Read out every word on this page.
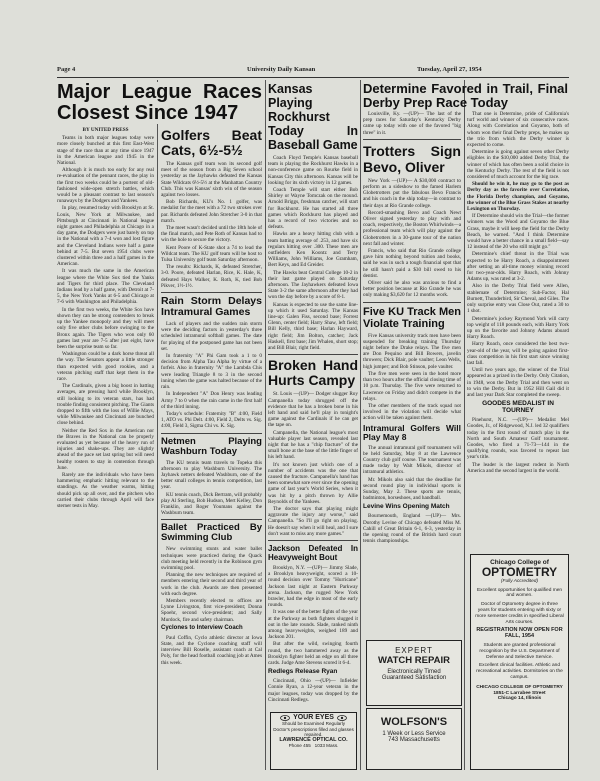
Page 4	University Daily Kansan	Tuesday, April 27, 1954
Major League Races Closest Since 1947
BY UNITED PRESS

Teams in both major leagues today were more closely bunched at this first East-West stage of the race than at any time since 1947 in the American league and 1945 in the National.

Although it is much too early for any real re-evaluation of the pennant races, the play in the first two weeks could be a portent of old-fashioned wide-open stretch battles, which would be a pleasant contrast to last season's runaways by the Dodgers and Yankees.

In play, resumed today with Brooklyn at St. Louis, New York at Milwaukee, and Pittsburgh at Cincinnati in National league night games and Philadelphia at Chicago in a day game, the Dodgers were just barely on top in the National with a 7-4 won and lost figure and the Cleveland Indians were half a game behind at 7-5. But seven 1954 clubs were clustered within three and a half games in the American.

It was much the same in the American league where the White Sox tied the Yanks and Tigers for third place. The Cleveland Indians lead by a half game, with Detroit at 7-5, the New York Yanks at 6-5 and Chicago at 7-6 with Washington and Philadelphia.

In the first two weeks, the White Sox have shown they can be strong contenders to break up the Yankee monopoly and they will meet only five other clubs before swinging to the Bronx again. The Tigers who won only 60 games last year are 7-5 after just eight, have been the surprise team so far.

Washington could be a dark horse threat all the way. The Senators appear a little stronger than expected with good rookies, and a veteran pitching staff that kept them in the race.

The Cardinals, given a big boost in batting averages, are pressing hard while Brooklyn, still looking to its veteran stars, has had trouble finding consistent pitching. The Giants dropped to fifth with the loss of Willie Mays, while Milwaukee and Cincinnati are bunched close behind.

Neither the Red Sox in the American nor the Braves in the National can be properly evaluated as yet because of the heavy run of injuries and shake-ups. They are slightly ahead of the pace set last spring but will need healthy rosters to stay in contention through June.

Rarely are the individuals who have been hammering emphatic hitting relevant to the standings. As the weather warms, hitting should pick up all over, and the pitchers who carried their clubs through April will face sterner tests in May.

Golfers Beat Cats, 6½-5½

The Kansas golf team won its second golf meet of the season from a Big Seven school yesterday as the Jayhawks defeated the Kansas State Wildcats 6½-5½ at the Manhattan Country Club. This was Kansas' sixth win of the season against two losses.

Bob Richards, KU's No. 1 golfer, was medalist for the meet with a 72 two strokes over par. Richards defeated John Stretcher 3-0 in that match.

The meet wasn't decided until the 18th hole of the final match, and Pete Roth of Kansas had to win the hole to secure the victory.

Kent Poore of K-State shot a 74 to lead the Wildcat team. The KU golf team will be host to Tulsa University golf team Saturday afternoon.

The results: Richards, K, defeated Stretcher, 3-0. Poore, defeated Harlan, Rice, K. Hale, K, defeated Hays Walker, K. Roth, K, tied Bob Pikver, 1½-1½.

Rain Storm Delays Intramural Games

Lack of players and the sudden rain storm were the deciding factors in yesterday's three scheduled intramural softball games. The date for playing of the postponed game has not been set.

In fraternity "A" Phi Gam took a 1 to 0 decision from Alpha Tau Alpha by virtue of a forfeit. Also in fraternity "A" the Lambda Chis were leading Triangle 8 to 3 in the second inning when the game was halted because of the rain.

In Independent "A" Don Henry was leading Army 7 to 0 when the rain came in the first half of the third inning.

Today's schedule: Fraternity "B" 4:00, Field 1, ATO vs. Phi Delt. 4:00, Field 2, Delts vs. Sig. 4:00, Field 3, Sigma Chi vs. K. Sig.

Netmen Playing Washburn Today

The KU tennis team travels to Topeka this afternoon to play Washburn University. The Jayhawk netters defeated Washburn, one of the better small colleges in tennis competition, last year.

KU tennis coach, Dick Bertram, will probably play Al Sterling, Bob Hudson, Mert Kelley, Don Franklin, and Roger Youmans against the Washburn team.

Ballet Practiced By Swimming Club

New swimming stunts and water ballet techniques were practiced during the Quack club meeting held recently in the Robinson gym swimming pool.

Planning the new techniques are required of members entering their second and third year of work in the club. Awards are then presented with each degree.

Members recently elected to offices are Lynne Livingston, first vice-president; Donna Spoehr, second vice-president; and Sally Murdock, fire and safety chairman.

Cyclones to Interview Coach

Paul Coffin, Cyclo athletic director at Iowa State, and the Cyclone coaching staff will interview Bill Roselle, assistant coach at Cal Poly, for the head football coaching job at Ames this week.

Kansas Playing Rockhurst Today In Baseball Game

Coach Floyd Temple's Kansas baseball team is playing the Rockhurst Hawks in a non-conference game on Rourke field in Kansas City this afternoon. Kansas will be looking for its sixth victory in 12 games.

Coach Temple will start either Bob Shirley or Wayne Tomczak on the mound. Arnold Briggs, freshman catcher, will start for Rockhurst. He has started all three games which Rockhurst has played and has a record of two victories and no defeats.

Hawks are a heavy hitting club with a team batting average of .253, and have six regulars hitting over .300. These men are outfielders Ken Koontz and Terry Williams, John Williams, Joe Gramham, Bert Keys, and Ed Greider.

The Hawks beat Central College 10-2 in their last game played on Saturday afternoon. The Jayhawkers defeated Iowa State 3-2 the same afternoon after they had won the day before by a score of 8-1.

Kansas is expected to use the same line-up which it used Saturday. The Kansas line-up: Galen Fiss, second base; Forrest Glenn, center field; Harry Shaw, left field; Bill Kelly, third base; Harlan Hayward, right field; Jim Bolton, catcher; Jack Haskell, first base; Jim Whalen, short stop; and Bill Blair, right field.

Broken Hand Hurts Campy

St. Louis —(UP)— Dodger slugger Roy Campanella today shrugged off the evidence that he has a broken bone in his left hand and said he'll play in tonight's game against the Cardinals if he can get the tape on.

Campanella, the National league's most valuable player last season, revealed last night that he has a "chip fracture" of the small bone at the base of the little finger of his left hand.

It's not known just which one of a number of accidents was the one that caused the fracture. Campanella's hand has been somewhat sore ever since the opening game of last year's World Series, when it was hit by a pitch thrown by Allie Reynolds of the Yankees.

The doctor says that playing might aggravate the injury any worse," said Campanella. "So I'll go right on playing. He doesn't say when it will heal, and I sure don't want to miss any more games."

Jackson Defeated In Heavyweight Bout

Brooklyn, N.Y. —(UP)— Jimmy Slade, a Brooklyn heavyweight, scored a 10-round decision over Tommy "Hurricane" Jackson last night at Eastern Parkway arena. Jackson, the rugged New York brawler, had the edge in most of the early rounds.

It was one of the better fights of the year at the Parkway as both fighters slugged it out in the late rounds. Slade, ranked ninth among heavyweights, weighed 189 and Jackson 201.

But after the wild, swinging fourth round, the two hammered away as the Brooklyn fighter held an edge on all three cards. Judge Ame Stevens scored it 6-4.

Redlegs Release Ryan

Cincinnati, Ohio —(UP)— Infielder Connie Ryan, a 12-year veteran in the major leagues, today was dropped by the Cincinnati Redlegs.

Determine Favored in Trail, Final Derby Prep Race Today

Louisville, Ky. —(UP)— The last of the prep races for Saturday's Kentucky Derby came up today with one of the favored "big three" in it.

Trotters Sign Bevo, Oliver

New York —(UP)— A $30,000 contract to perform as a sideshow to the famed Harlem Globetrotters put the fabulous Bevo Francis and his coach in the ship today—in contrast to their days at Rio Grande college.

Record-smashing Bevo and Coach Newt Oliver signed yesterday to play with and coach, respectively, the Boston Whirlwinds—a professional team which will play against the Globetrotters in a 30-game tour of the nation next fall and winter.

Francis, who said that Rio Grande college gave him nothing beyond tuition and books, said he was in such a tough financial spot that he still hasn't paid a $30 bill owed to his dentist.

Oliver said he also was anxious to find a better position because at Rio Grande he was only making $3,620 for 12 months work.

Five KU Track Men Violate Training

Five Kansas university track men have been suspended for breaking training Thursday night before the Drake relays. The five men are Don Pequino and Bill Bowers, javelin throwers; Dick Blair, pole vaulter; Leon Wells, high jumper; and Bob Stinson, pole vaulter.

The five men were seen in the hotel more than two hours after the official closing time of 10 p.m. Thursday. The five were returned to Lawrence on Friday and didn't compete in the relays.

The other members of the track squad not involved in the violation will decide what action will be taken against them.

Intramural Golfers Will Play May 8

The annual intramural golf tournament will be held Saturday, May 8 at the Lawrence Country club golf course. The tournament was made today by Walt Mikols, director of intramural athletics.

Mr. Mikols also said that the deadline for second round play in individual sports is Sunday, May 2. These sports are tennis, badminton, horseshoes, and handball.

Levine Wins Opening Match

Bournemouth, England —(UP)— Mrs. Dorothy Levine of Chicago defeated Miss M. Cahill of Great Britain 6-1, 6-3, yesterday in the opening round of the British hard court tennis championships.

That one is Determine, pride of California's turf world and winner of six consecutive races. Along with Correlation and Goyamo, both of whom won their final Derby preps, he makes up the trio from which the Derby winner is expected to come.

Determine is going against seven other Derby eligibles in the $10,000 added Derby Trial, the winner of which has often been a solid choice in the Kentucky Derby. The rest of the field is not considered of much account for the big race.

Should he win it, he may go to the post as Derby day as the favorite over Correlation, the Florida Derby champion, and Goyamo, the winner of the Blue Grass Stakes at nearby Lexington on Thursday.

If Determine should win the Trial—the former winners was the Wood and Goyamo the Blue Grass, maybe it will keep the field for the Derby Beach, he warned. "And I think Determine would have a better chance in a small field—say 12 instead of the 20 who still might go."

Determine's chief threat in the Trial was expected to be Harry Roach, a disappointment after setting an all-time money winning record for two-year-olds. Harry Roach, with Johnny Adams up, was rated at 3-2.

Also in the Derby Trial field were Allen, stablemate of Determine; Sub-Factor, Hal Burnett, Thunderbird, Sir Cheval, and Giles. The only surprise entry was Close Out, rated a 30 to 1 shot.

Determine's jockey Raymond York will carry top weight of 118 pounds each, with Harry York up on the favorite and Johnny Adams aboard Harry Roach.

Harry Roach, once considered the best two-year-old of the year, will be going against first-class competition in his first start since winning last fall.

Until two years ago, the winner of the Trial appeared as a prized in the Derby. Only Citation, in 1948, won the Derby Trial and then went on to win the Derby. But in 1952 Hill Gail did it and last year Dark Star completed the sweep.

GOODES MEDALIST IN TOURNEY

Pinehurst, N.C. —(UP)— Medalist Mel Goodes, Jr., of Ridgewood, N.J. led 32 qualifiers today in the first round of match play in the North and South Amateur Golf tournament. Goodes, who fired a 71-73—144 in the qualifying rounds, was favored to repeat last year's title.

The leader is the largest rodent in North America and the second largest in the world.

YOUR EYES
Should be Examined Regularly
Doctor's prescriptions filled and glasses repaired.
LAWRENCE OPTICAL CO.
Phone 455 1033 Mass.
EXPERT
WATCH REPAIR
Electronically Timed
Guaranteed Satisfaction
WOLFSON'S
1 Week or Less Service
743 Massachusetts
Chicago College of
OPTOMETRY
(Fully Accredited)
Excellent opportunities for qualified men and women.
Doctor of Optometry degree in three years for students entering with sixty or more semester credits in specified Liberal Arts courses.
REGISTRATION NOW OPEN FOR FALL, 1954
Students are granted professional recognition by the U.S. Department of Defense and Selective Service.
Excellent clinical facilities. Athletic and recreational activities. Dormitories on the campus.
CHICAGO COLLEGE OF OPTOMETRY
1851-C Larrabee Street
Chicago 14, Illinois
